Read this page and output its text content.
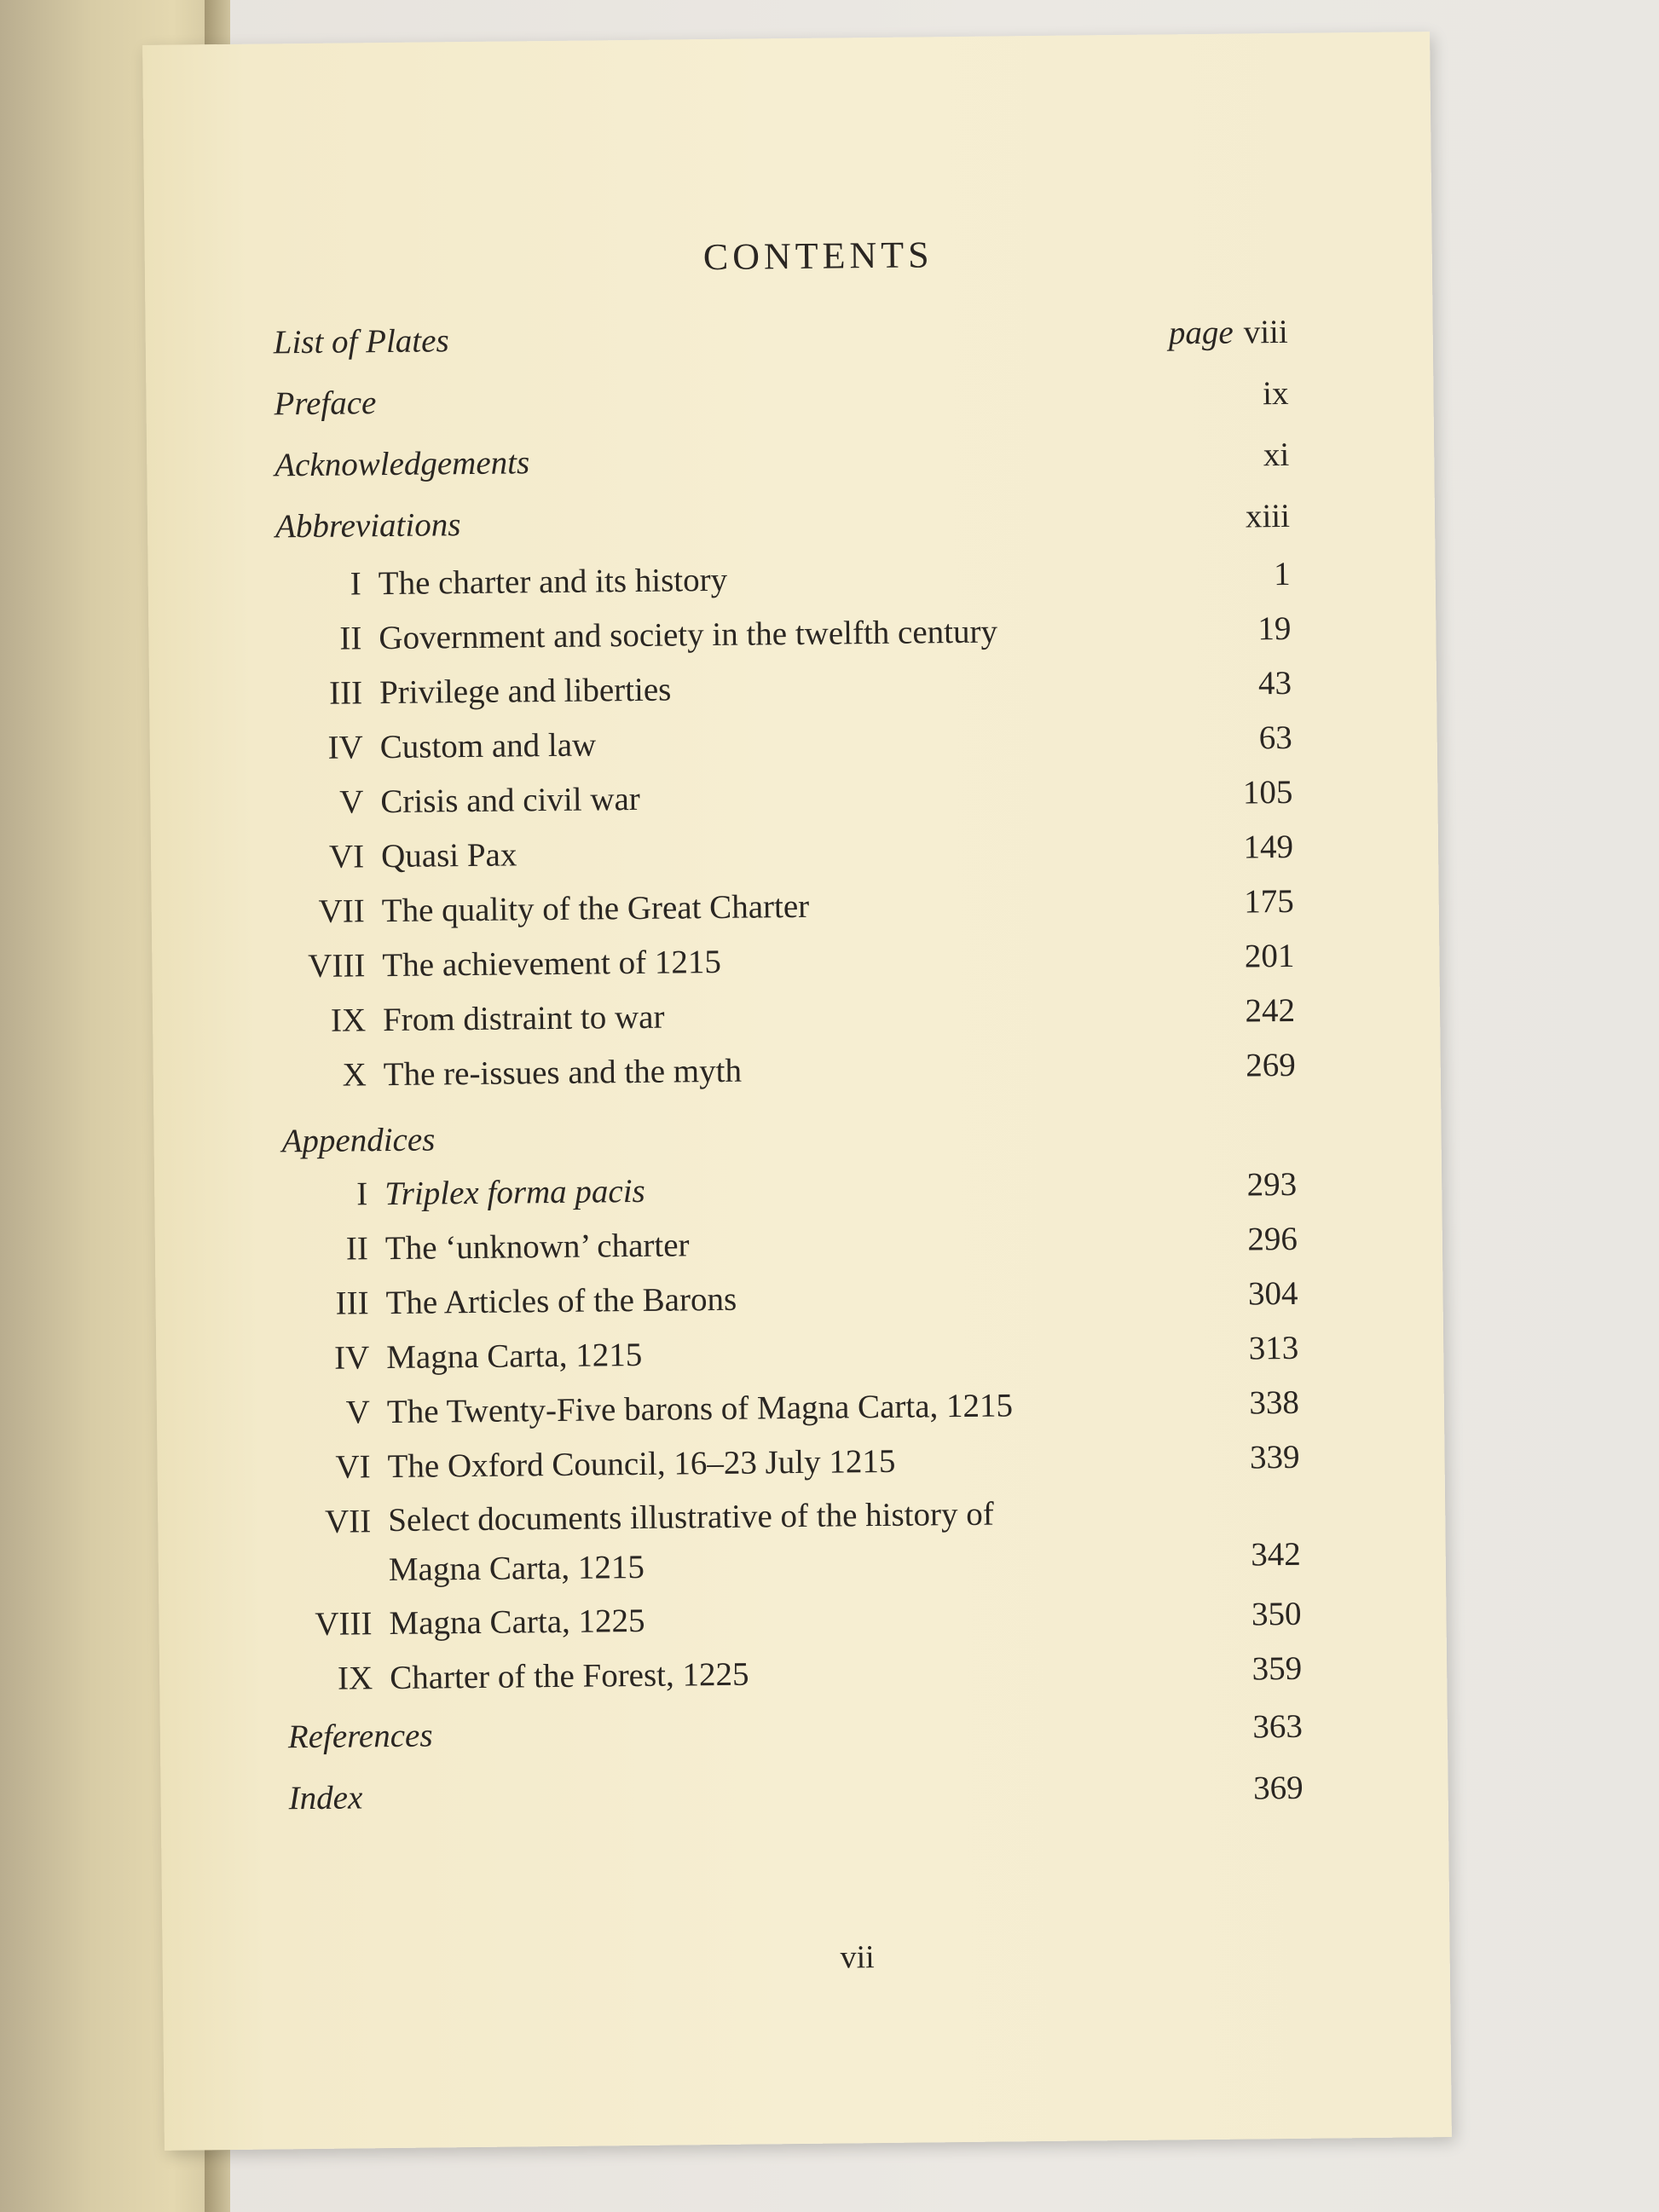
CONTENTS
List of Plates	page viii
Preface	ix
Acknowledgements	xi
Abbreviations	xiii
I The charter and its history	1
II Government and society in the twelfth century	19
III Privilege and liberties	43
IV Custom and law	63
V Crisis and civil war	105
VI Quasi Pax	149
VII The quality of the Great Charter	175
VIII The achievement of 1215	201
IX From distraint to war	242
X The re-issues and the myth	269
Appendices
I Triplex forma pacis	293
II The ‘unknown’ charter	296
III The Articles of the Barons	304
IV Magna Carta, 1215	313
V The Twenty-Five barons of Magna Carta, 1215	338
VI The Oxford Council, 16–23 July 1215	339
VII Select documents illustrative of the history of
Magna Carta, 1215	342
VIII Magna Carta, 1225	350
IX Charter of the Forest, 1225	359
References	363
Index	369
vii
